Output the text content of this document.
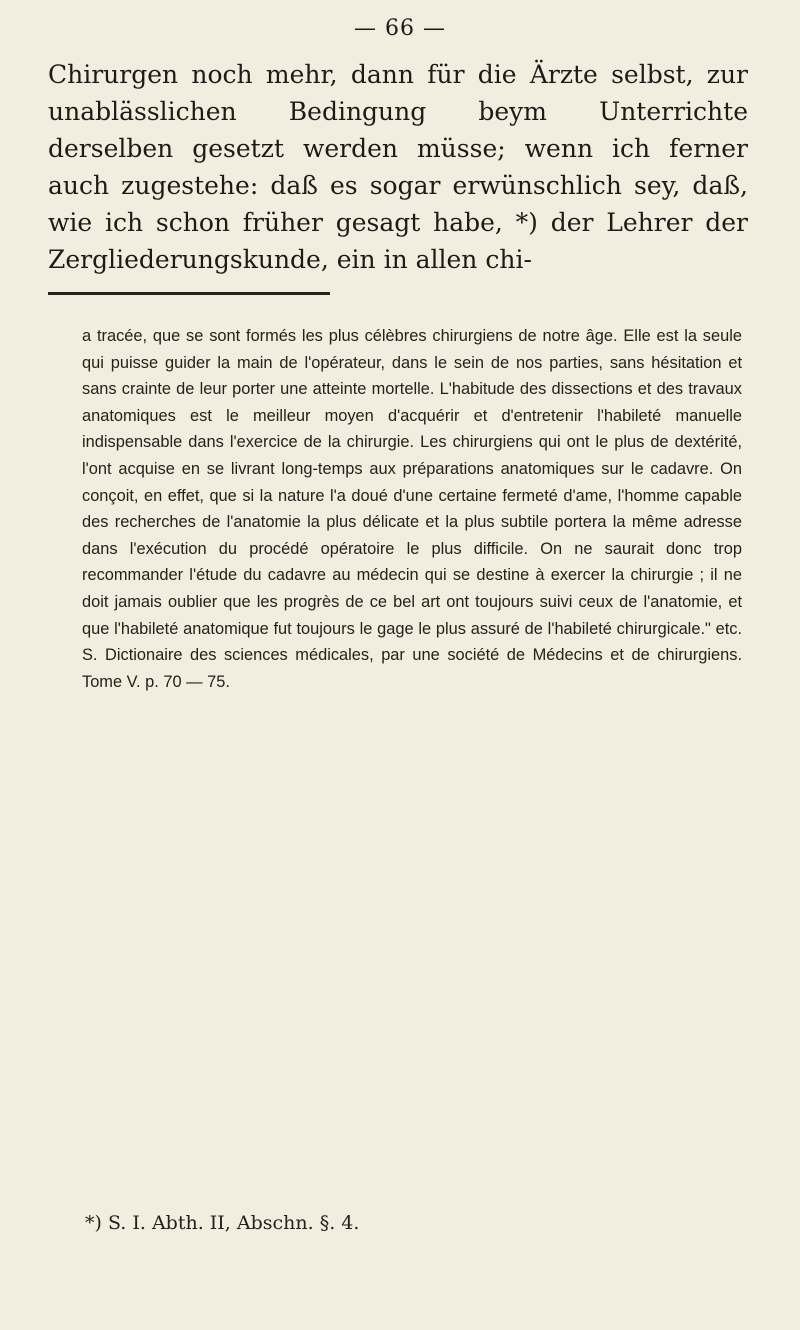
— 66 —

Chirurgen noch mehr, dann für die Ärzte selbst, zur unablässlichen Bedingung beym Unterrichte derselben gesetzt werden müsse; wenn ich ferner auch zugestehe: daß es sogar erwünschlich sey, daß, wie ich schon früher gesagt habe, *) der Lehrer der Zergliederungskunde, ein in allen chi-

a tracée, que se sont formés les plus célèbres chirurgiens de notre âge. Elle est la seule qui puisse guider la main de l'opérateur, dans le sein de nos parties, sans hésitation et sans crainte de leur porter une atteinte mortelle. L'habitude des dissections et des travaux anatomiques est le meilleur moyen d'acquérir et d'entretenir l'habileté manuelle indispensable dans l'exercice de la chirurgie. Les chirurgiens qui ont le plus de dextérité, l'ont acquise en se livrant long-temps aux préparations anatomiques sur le cadavre. On conçoit, en effet, que si la nature l'a doué d'une certaine fermeté d'ame, l'homme capable des recherches de l'anatomie la plus délicate et la plus subtile portera la même adresse dans l'exécution du procédé opératoire le plus difficile. On ne saurait donc trop recommander l'étude du cadavre au médecin qui se destine à exercer la chirurgie ; il ne doit jamais oublier que les progrès de ce bel art ont toujours suivi ceux de l'anatomie, et que l'habileté anatomique fut toujours le gage le plus assuré de l'habileté chirurgicale." etc. S. Dictionaire des sciences médicales, par une société de Médecins et de chirurgiens. Tome V. p. 70 — 75.

*) S. I. Abth. II, Abschn. §. 4.
